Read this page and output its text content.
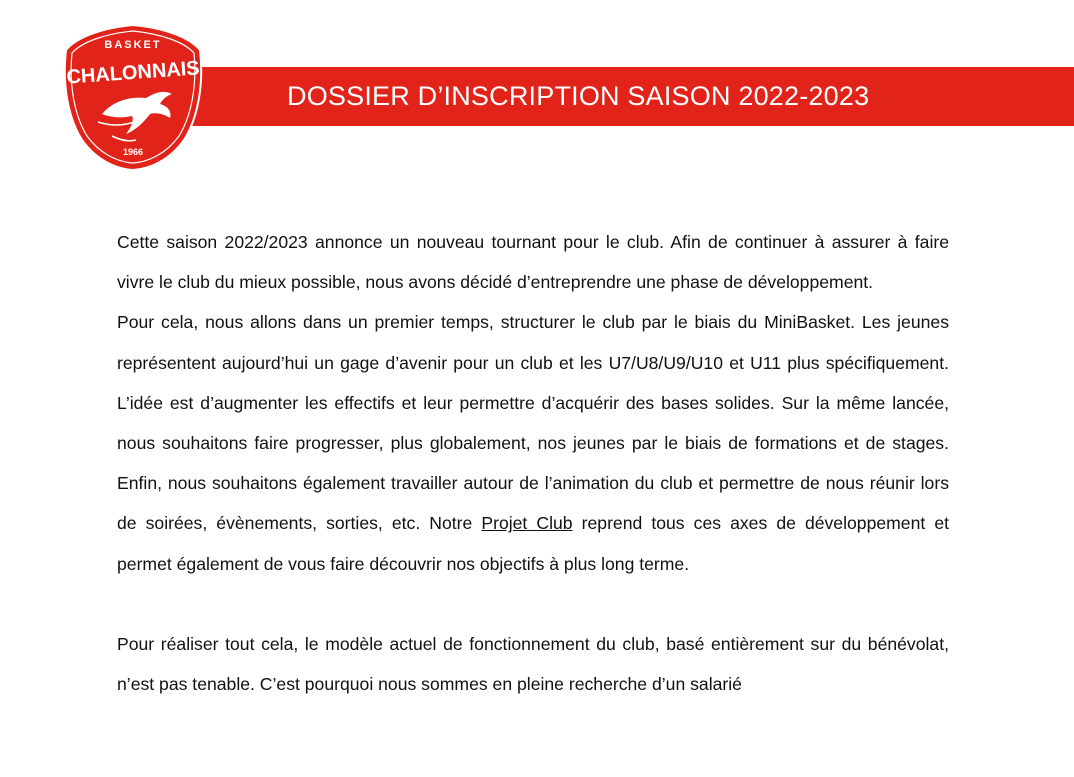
DOSSIER D’INSCRIPTION SAISON 2022-2023
BASKET
CHALONNAIS
1966

Cette saison 2022/2023 annonce un nouveau tournant pour le club. Afin de continuer à assurer à faire vivre le club du mieux possible, nous avons décidé d’entreprendre une phase de développement.

Pour cela, nous allons dans un premier temps, structurer le club par le biais du MiniBasket. Les jeunes représentent aujourd’hui un gage d’avenir pour un club et les U7/U8/U9/U10 et U11 plus spécifiquement. L’idée est d’augmenter les effectifs et leur permettre d’acquérir des bases solides. Sur la même lancée, nous souhaitons faire progresser, plus globalement, nos jeunes par le biais de formations et de stages. Enfin, nous souhaitons également travailler autour de l’animation du club et permettre de nous réunir lors de soirées, évènements, sorties, etc. Notre Projet Club reprend tous ces axes de développement et permet également de vous faire découvrir nos objectifs à plus long terme.

Pour réaliser tout cela, le modèle actuel de fonctionnement du club, basé entièrement sur du bénévolat, n’est pas tenable. C’est pourquoi nous sommes en pleine recherche d’un salarié
